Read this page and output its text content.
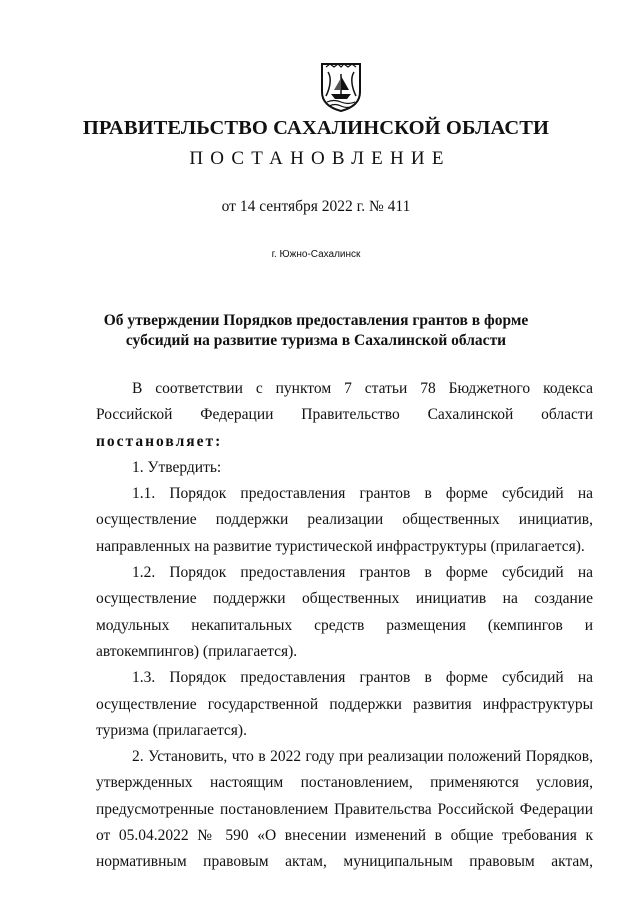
ПРАВИТЕЛЬСТВО САХАЛИНСКОЙ ОБЛАСТИ
ПОСТАНОВЛЕНИЕ
от 14 сентября 2022 г. № 411
г. Южно-Сахалинск
Об утверждении Порядков предоставления грантов в форме
субсидий на развитие туризма в Сахалинской области

В соответствии с пунктом 7 статьи 78 Бюджетного кодекса Российской Федерации Правительство Сахалинской области постановляет:

1. Утвердить:

1.1. Порядок предоставления грантов в форме субсидий на осуществление поддержки реализации общественных инициатив, направленных на развитие туристической инфраструктуры (прилагается).

1.2. Порядок предоставления грантов в форме субсидий на осуществление поддержки общественных инициатив на создание модульных некапитальных средств размещения (кемпингов и автокемпингов) (прилагается).

1.3. Порядок предоставления грантов в форме субсидий на осуществление государственной поддержки развития инфраструктуры туризма (прилагается).

2. Установить, что в 2022 году при реализации положений Порядков, утвержденных настоящим постановлением, применяются условия, предусмотренные постановлением Правительства Российской Федерации от 05.04.2022 № 590 «О внесении изменений в общие требования к нормативным правовым актам, муниципальным правовым актам,
